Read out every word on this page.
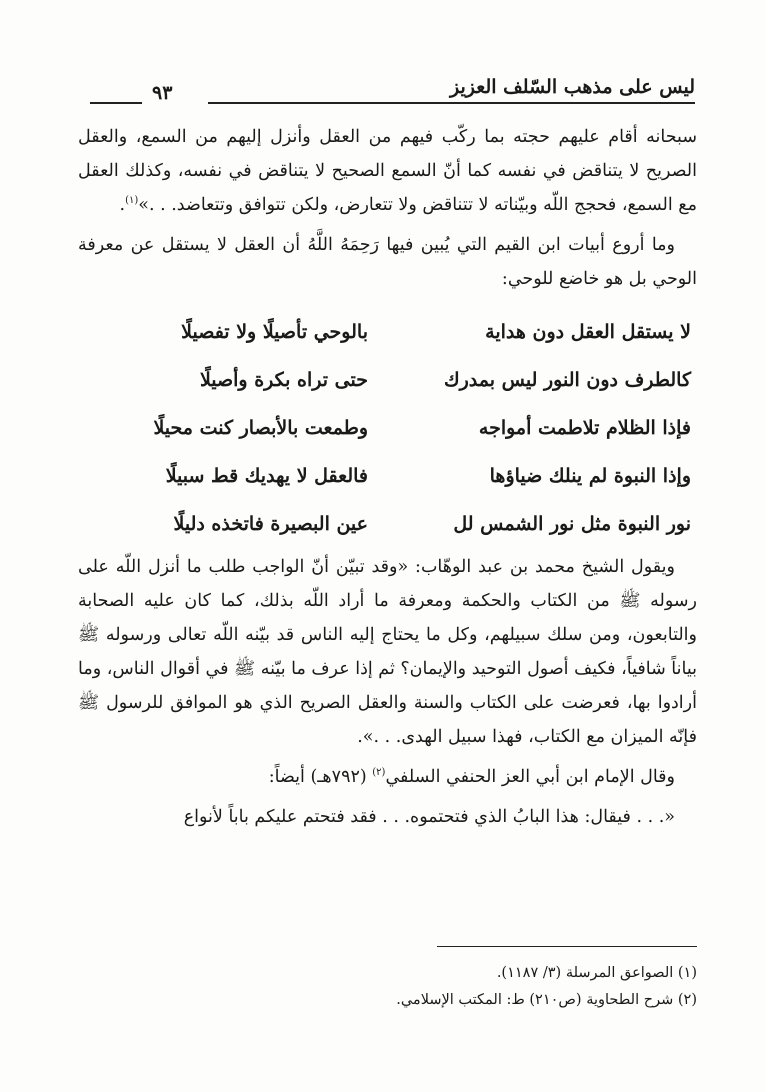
ليس على مذهب السّلف العزيز
٩٣

سبحانه أقام عليهم حجته بما ركّب فيهم من العقل وأنزل إليهم من السمع، والعقل الصريح لا يتناقض في نفسه كما أنّ السمع الصحيح لا يتناقض في نفسه، وكذلك العقل مع السمع، فحجج اللّه وبيّناته لا تتناقض ولا تتعارض، ولكن تتوافق وتتعاضد. . .»$^{(١)}$.

وما أروع أبيات ابن القيم التي يُبين فيها رَحِمَهُ اللَّهُ أن العقل لا يستقل عن معرفة الوحي بل هو خاضع للوحي:

لا يستقل العقل دون هداية
بالوحي تأصيلًا ولا تفصيلًا
كالطرف دون النور ليس بمدرك
حتى تراه بكرة وأصيلًا
فإذا الظلام تلاطمت أمواجه
وطمعت بالأبصار كنت محيلًا
وإذا النبوة لم ينلك ضياؤها
فالعقل لا يهديك قط سبيلًا
نور النبوة مثل نور الشمس لل
عين البصيرة فاتخذه دليلًا

ويقول الشيخ محمد بن عبد الوهّاب: «وقد تبيّن أنّ الواجب طلب ما أنزل اللّه على رسوله ﷺ من الكتاب والحكمة ومعرفة ما أراد اللّه بذلك، كما كان عليه الصحابة والتابعون، ومن سلك سبيلهم، وكل ما يحتاج إليه الناس قد بيّنه اللّه تعالى ورسوله ﷺ بياناً شافياً، فكيف أصول التوحيد والإيمان؟ ثم إذا عرف ما بيّنه ﷺ في أقوال الناس، وما أرادوا بها، فعرضت على الكتاب والسنة والعقل الصريح الذي هو الموافق للرسول ﷺ فإنّه الميزان مع الكتاب، فهذا سبيل الهدى. . .».

وقال الإمام ابن أبي العز الحنفي السلفي$^{(٢)}$ (٧٩٢هـ) أيضاً:

«. . . فيقال: هذا البابُ الذي فتحتموه. . . فقد فتحتم عليكم باباً لأنواع

(١) الصواعق المرسلة (٣/ ١١٨٧).
(٢) شرح الطحاوية (ص٢١٠) ط: المكتب الإسلامي.
